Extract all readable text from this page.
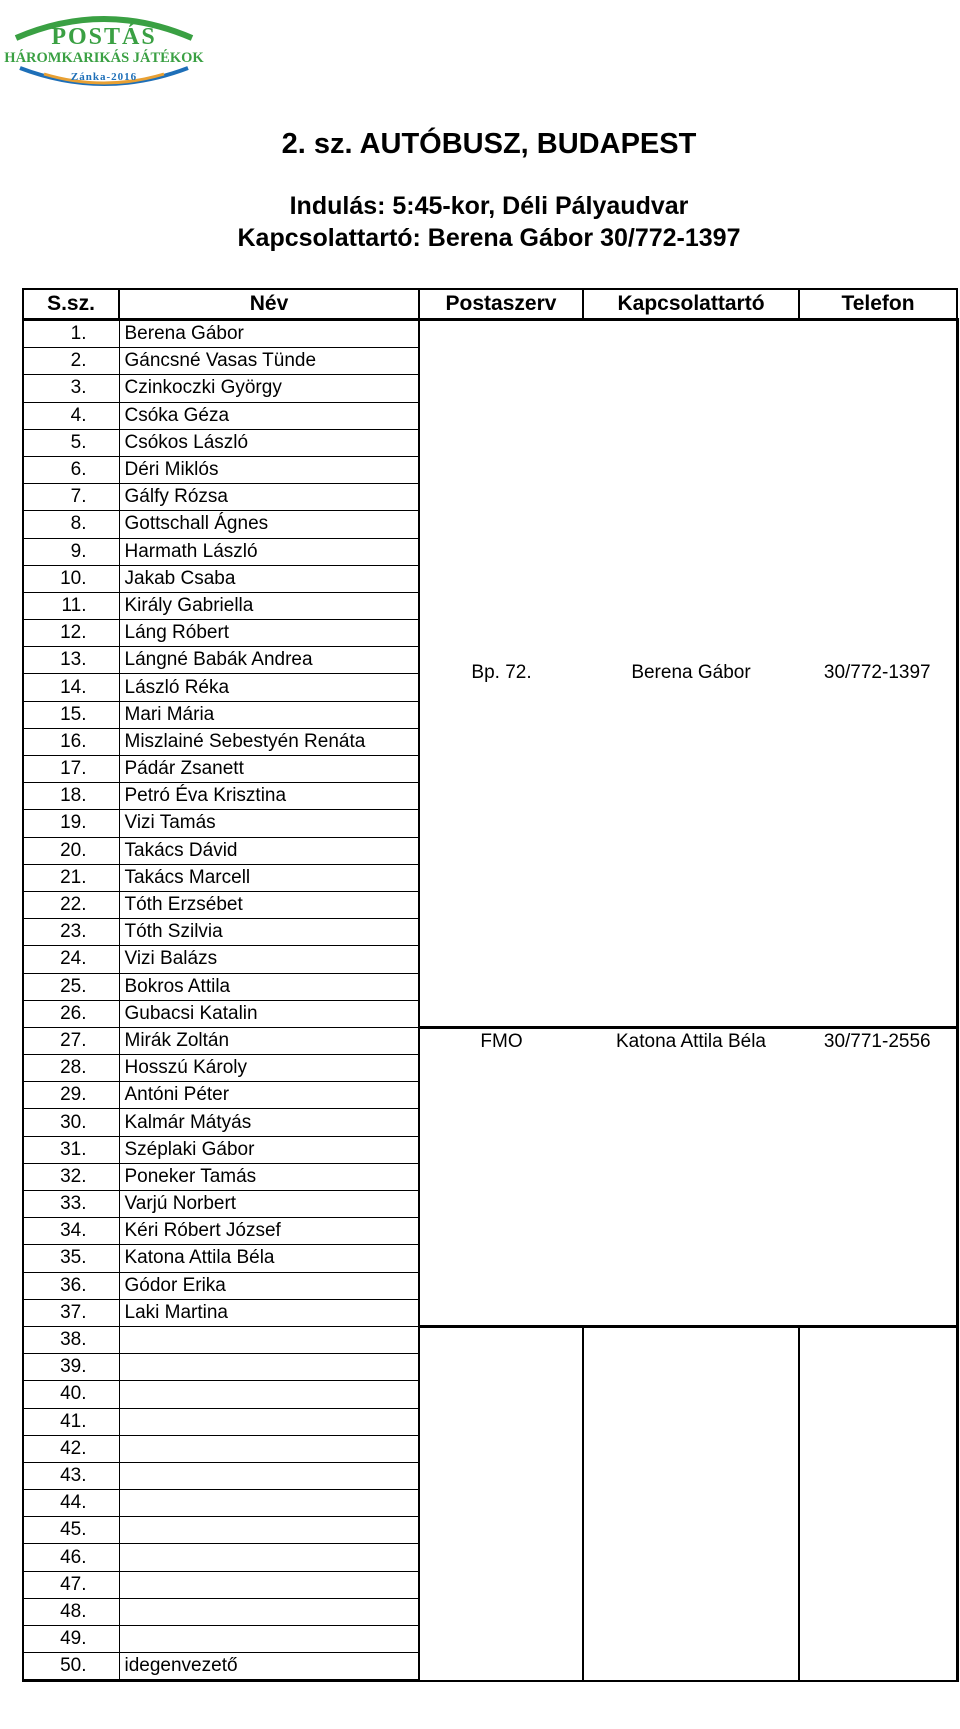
POSTÁS
HÁROMKARIKÁS JÁTÉKOK
Zánka-2016
2. sz. AUTÓBUSZ, BUDAPEST
Indulás: 5:45-kor, Déli Pályaudvar
Kapcsolattartó: Berena Gábor 30/772-1397
S.sz.	Név	Postaszerv	Kapcsolattartó	Telefon
1.	Berena Gábor	Bp. 72.	Berena Gábor	30/772-1397
2.	Gáncsné Vasas Tünde			
3.	Czinkoczki György			
4.	Csóka Géza			
5.	Csókos László			
6.	Déri Miklós			
7.	Gálfy Rózsa			
8.	Gottschall Ágnes			
9.	Harmath László			
10.	Jakab Csaba			
11.	Király Gabriella			
12.	Láng Róbert			
13.	Lángné Babák Andrea			
14.	László Réka			
15.	Mari Mária			
16.	Miszlainé Sebestyén Renáta			
17.	Pádár Zsanett			
18.	Petró Éva Krisztina			
19.	Vizi Tamás			
20.	Takács Dávid			
21.	Takács Marcell			
22.	Tóth Erzsébet			
23.	Tóth Szilvia			
24.	Vizi Balázs			
25.	Bokros Attila			
26.	Gubacsi Katalin			
27.	Mirák Zoltán	FMO	Katona Attila Béla	30/771-2556
28.	Hosszú Károly			
29.	Antóni Péter			
30.	Kalmár Mátyás			
31.	Széplaki Gábor			
32.	Poneker Tamás			
33.	Varjú Norbert			
34.	Kéri Róbert József			
35.	Katona Attila Béla			
36.	Gódor Erika			
37.	Laki Martina			
38.				
39.				
40.				
41.				
42.				
43.				
44.				
45.				
46.				
47.				
48.				
49.				
50.	idegenvezető			
